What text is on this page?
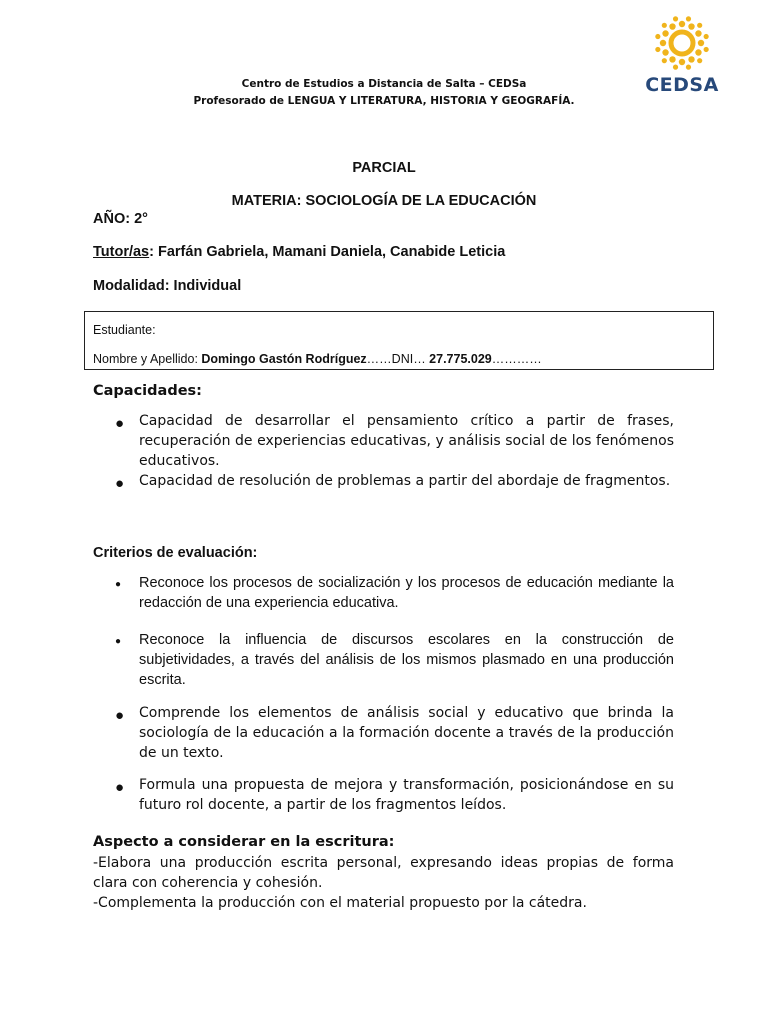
CEDSA
Centro de Estudios a Distancia de Salta – CEDSa
Profesorado de LENGUA Y LITERATURA, HISTORIA Y GEOGRAFÍA.
PARCIAL
MATERIA: SOCIOLOGÍA DE LA EDUCACIÓN
AÑO: 2°
Tutor/as: Farfán Gabriela, Mamani Daniela, Canabide Leticia
Modalidad: Individual
Estudiante:
Nombre y Apellido: Domingo Gastón Rodríguez……DNI… 27.775.029…………
Capacidades:
● Capacidad de desarrollar el pensamiento crítico a partir de frases, recuperación de experiencias educativas, y análisis social de los fenómenos educativos.

● Capacidad de resolución de problemas a partir del abordaje de fragmentos.

Criterios de evaluación:
● Reconoce los procesos de socialización y los procesos de educación mediante la redacción de una experiencia educativa.

● Reconoce la influencia de discursos escolares en la construcción de subjetividades, a través del análisis de los mismos plasmado en una producción escrita.

● Comprende los elementos de análisis social y educativo que brinda la sociología de la educación a la formación docente a través de la producción de un texto.

● Formula una propuesta de mejora y transformación, posicionándose en su futuro rol docente, a partir de los fragmentos leídos.

Aspecto a considerar en la escritura:
-Elabora una producción escrita personal, expresando ideas propias de forma clara con coherencia y cohesión.
-Complementa la producción con el material propuesto por la cátedra.
